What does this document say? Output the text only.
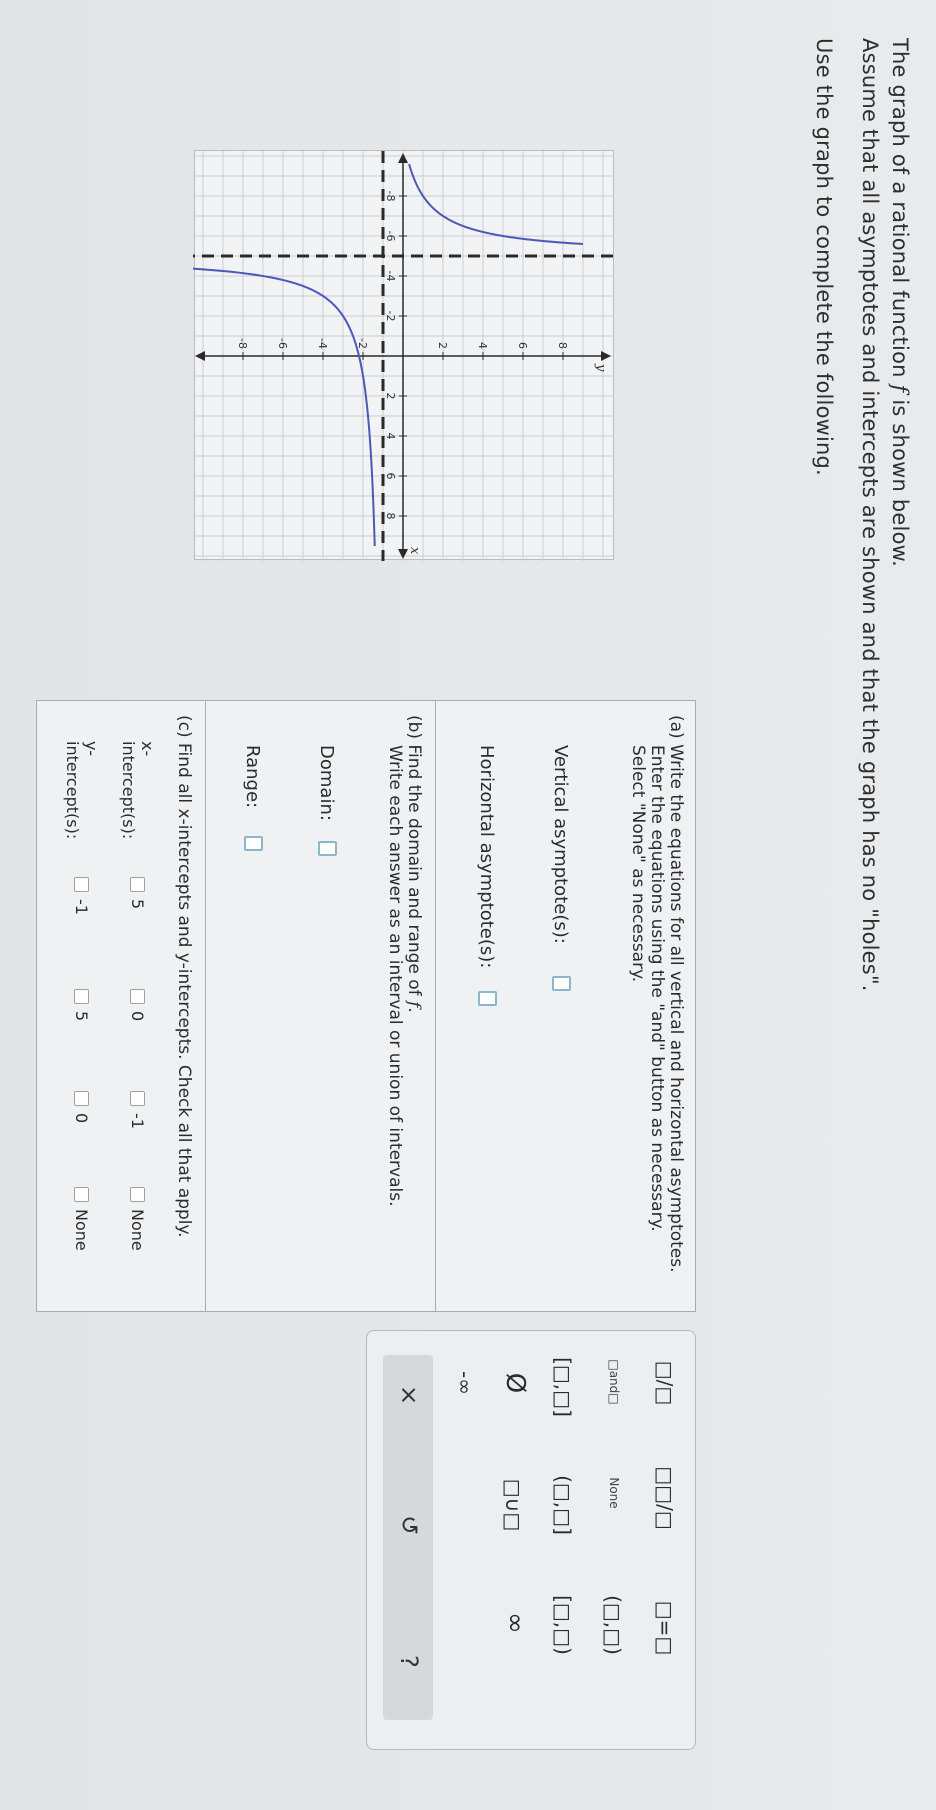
The graph of a rational function f is shown below.
Assume that all asymptotes and intercepts are shown and that the graph has no "holes".
Use the graph to complete the following.
-8
-6
-4
-2
2
4
6
8
8
6
4
2
-2
-4
-6
-8
x
y
(a) Write the equations for all vertical and horizontal asymptotes.
Enter the equations using the "and" button as necessary.
Select "None" as necessary.
Vertical asymptote(s):
Horizontal asymptote(s):
(b) Find the domain and range of f.
Write each answer as an interval or union of intervals.
Domain:
Range:
(c) Find all x-intercepts and y-intercepts. Check all that apply.
x-
intercept(s):
5
0
-1
None
y-
intercept(s):
-1
5
0
None
□/□
□□/□
□=□
□and□
None
(□,□)
[□,□]
(□,□]
[□,□)
Ø
□∪□
∞
-∞
×
↺
?
